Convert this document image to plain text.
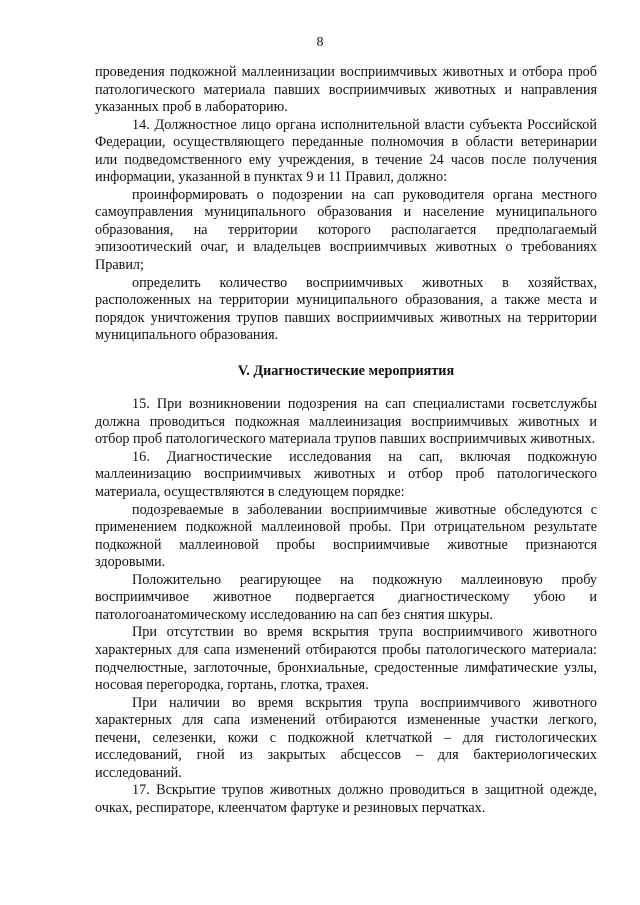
8

проведения подкожной маллеинизации восприимчивых животных и отбора проб патологического материала павших восприимчивых животных и направления указанных проб в лабораторию.

14. Должностное лицо органа исполнительной власти субъекта Российской Федерации, осуществляющего переданные полномочия в области ветеринарии или подведомственного ему учреждения, в течение 24 часов после получения информации, указанной в пунктах 9 и 11 Правил, должно:

проинформировать о подозрении на сап руководителя органа местного самоуправления муниципального образования и население муниципального образования, на территории которого располагается предполагаемый эпизоотический очаг, и владельцев восприимчивых животных о требованиях Правил;

определить количество восприимчивых животных в хозяйствах, расположенных на территории муниципального образования, а также места и порядок уничтожения трупов павших восприимчивых животных на территории муниципального образования.

V. Диагностические мероприятия

15. При возникновении подозрения на сап специалистами госветслужбы должна проводиться подкожная маллеинизация восприимчивых животных и отбор проб патологического материала трупов павших восприимчивых животных.

16. Диагностические исследования на сап, включая подкожную маллеинизацию восприимчивых животных и отбор проб патологического материала, осуществляются в следующем порядке:

подозреваемые в заболевании восприимчивые животные обследуются с применением подкожной маллеиновой пробы. При отрицательном результате подкожной маллеиновой пробы восприимчивые животные признаются здоровыми.

Положительно реагирующее на подкожную маллеиновую пробу восприимчивое животное подвергается диагностическому убою и патологоанатомическому исследованию на сап без снятия шкуры.

При отсутствии во время вскрытия трупа восприимчивого животного характерных для сапа изменений отбираются пробы патологического материала: подчелюстные, заглоточные, бронхиальные, средостенные лимфатические узлы, носовая перегородка, гортань, глотка, трахея.

При наличии во время вскрытия трупа восприимчивого животного характерных для сапа изменений отбираются измененные участки легкого, печени, селезенки, кожи с подкожной клетчаткой – для гистологических исследований, гной из закрытых абсцессов – для бактериологических исследований.

17. Вскрытие трупов животных должно проводиться в защитной одежде, очках, респираторе, клеенчатом фартуке и резиновых перчатках.
